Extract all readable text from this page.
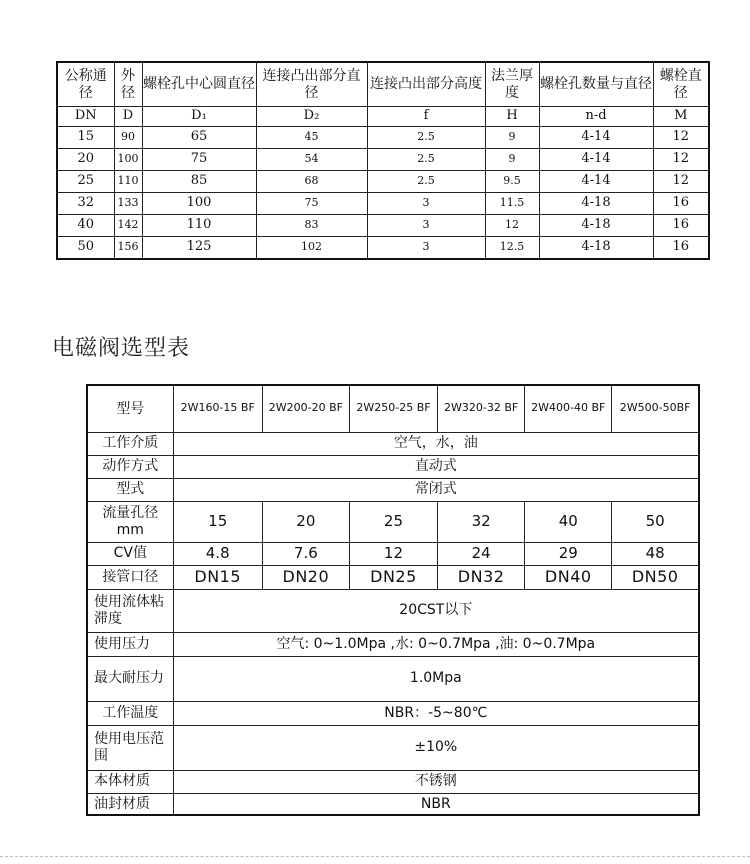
公称通径	外径	螺栓孔中心圆直径	连接凸出部分直径	连接凸出部分高度	法兰厚度	螺栓孔数量与直径	螺栓直径
DN	D	D₁	D₂	f	H	n-d	M
15	90	65	45	2.5	9	4-14	12
20	100	75	54	2.5	9	4-14	12
25	110	85	68	2.5	9.5	4-14	12
32	133	100	75	3	11.5	4-18	16
40	142	110	83	3	12	4-18	16
50	156	125	102	3	12.5	4-18	16
电磁阀选型表
型号	2W160-15 BF	2W200-20 BF	2W250-25 BF	2W320-32 BF	2W400-40 BF	2W500-50BF
工作介质	空气，水，油					
动作方式	直动式					
型式	常闭式					
流量孔径 mm	15	20	25	32	40	50
CV值	4.8	7.6	12	24	29	48
接管口径	DN15	DN20	DN25	DN32	DN40	DN50
使用流体粘滞度	20CST以下					
使用压力	空气: 0~1.0Mpa ,水: 0~0.7Mpa ,油: 0~0.7Mpa					
最大耐压力	1.0Mpa					
工作温度	NBR：-5~80℃					
使用电压范围	±10%					
本体材质	不锈钢					
油封材质	NBR					
